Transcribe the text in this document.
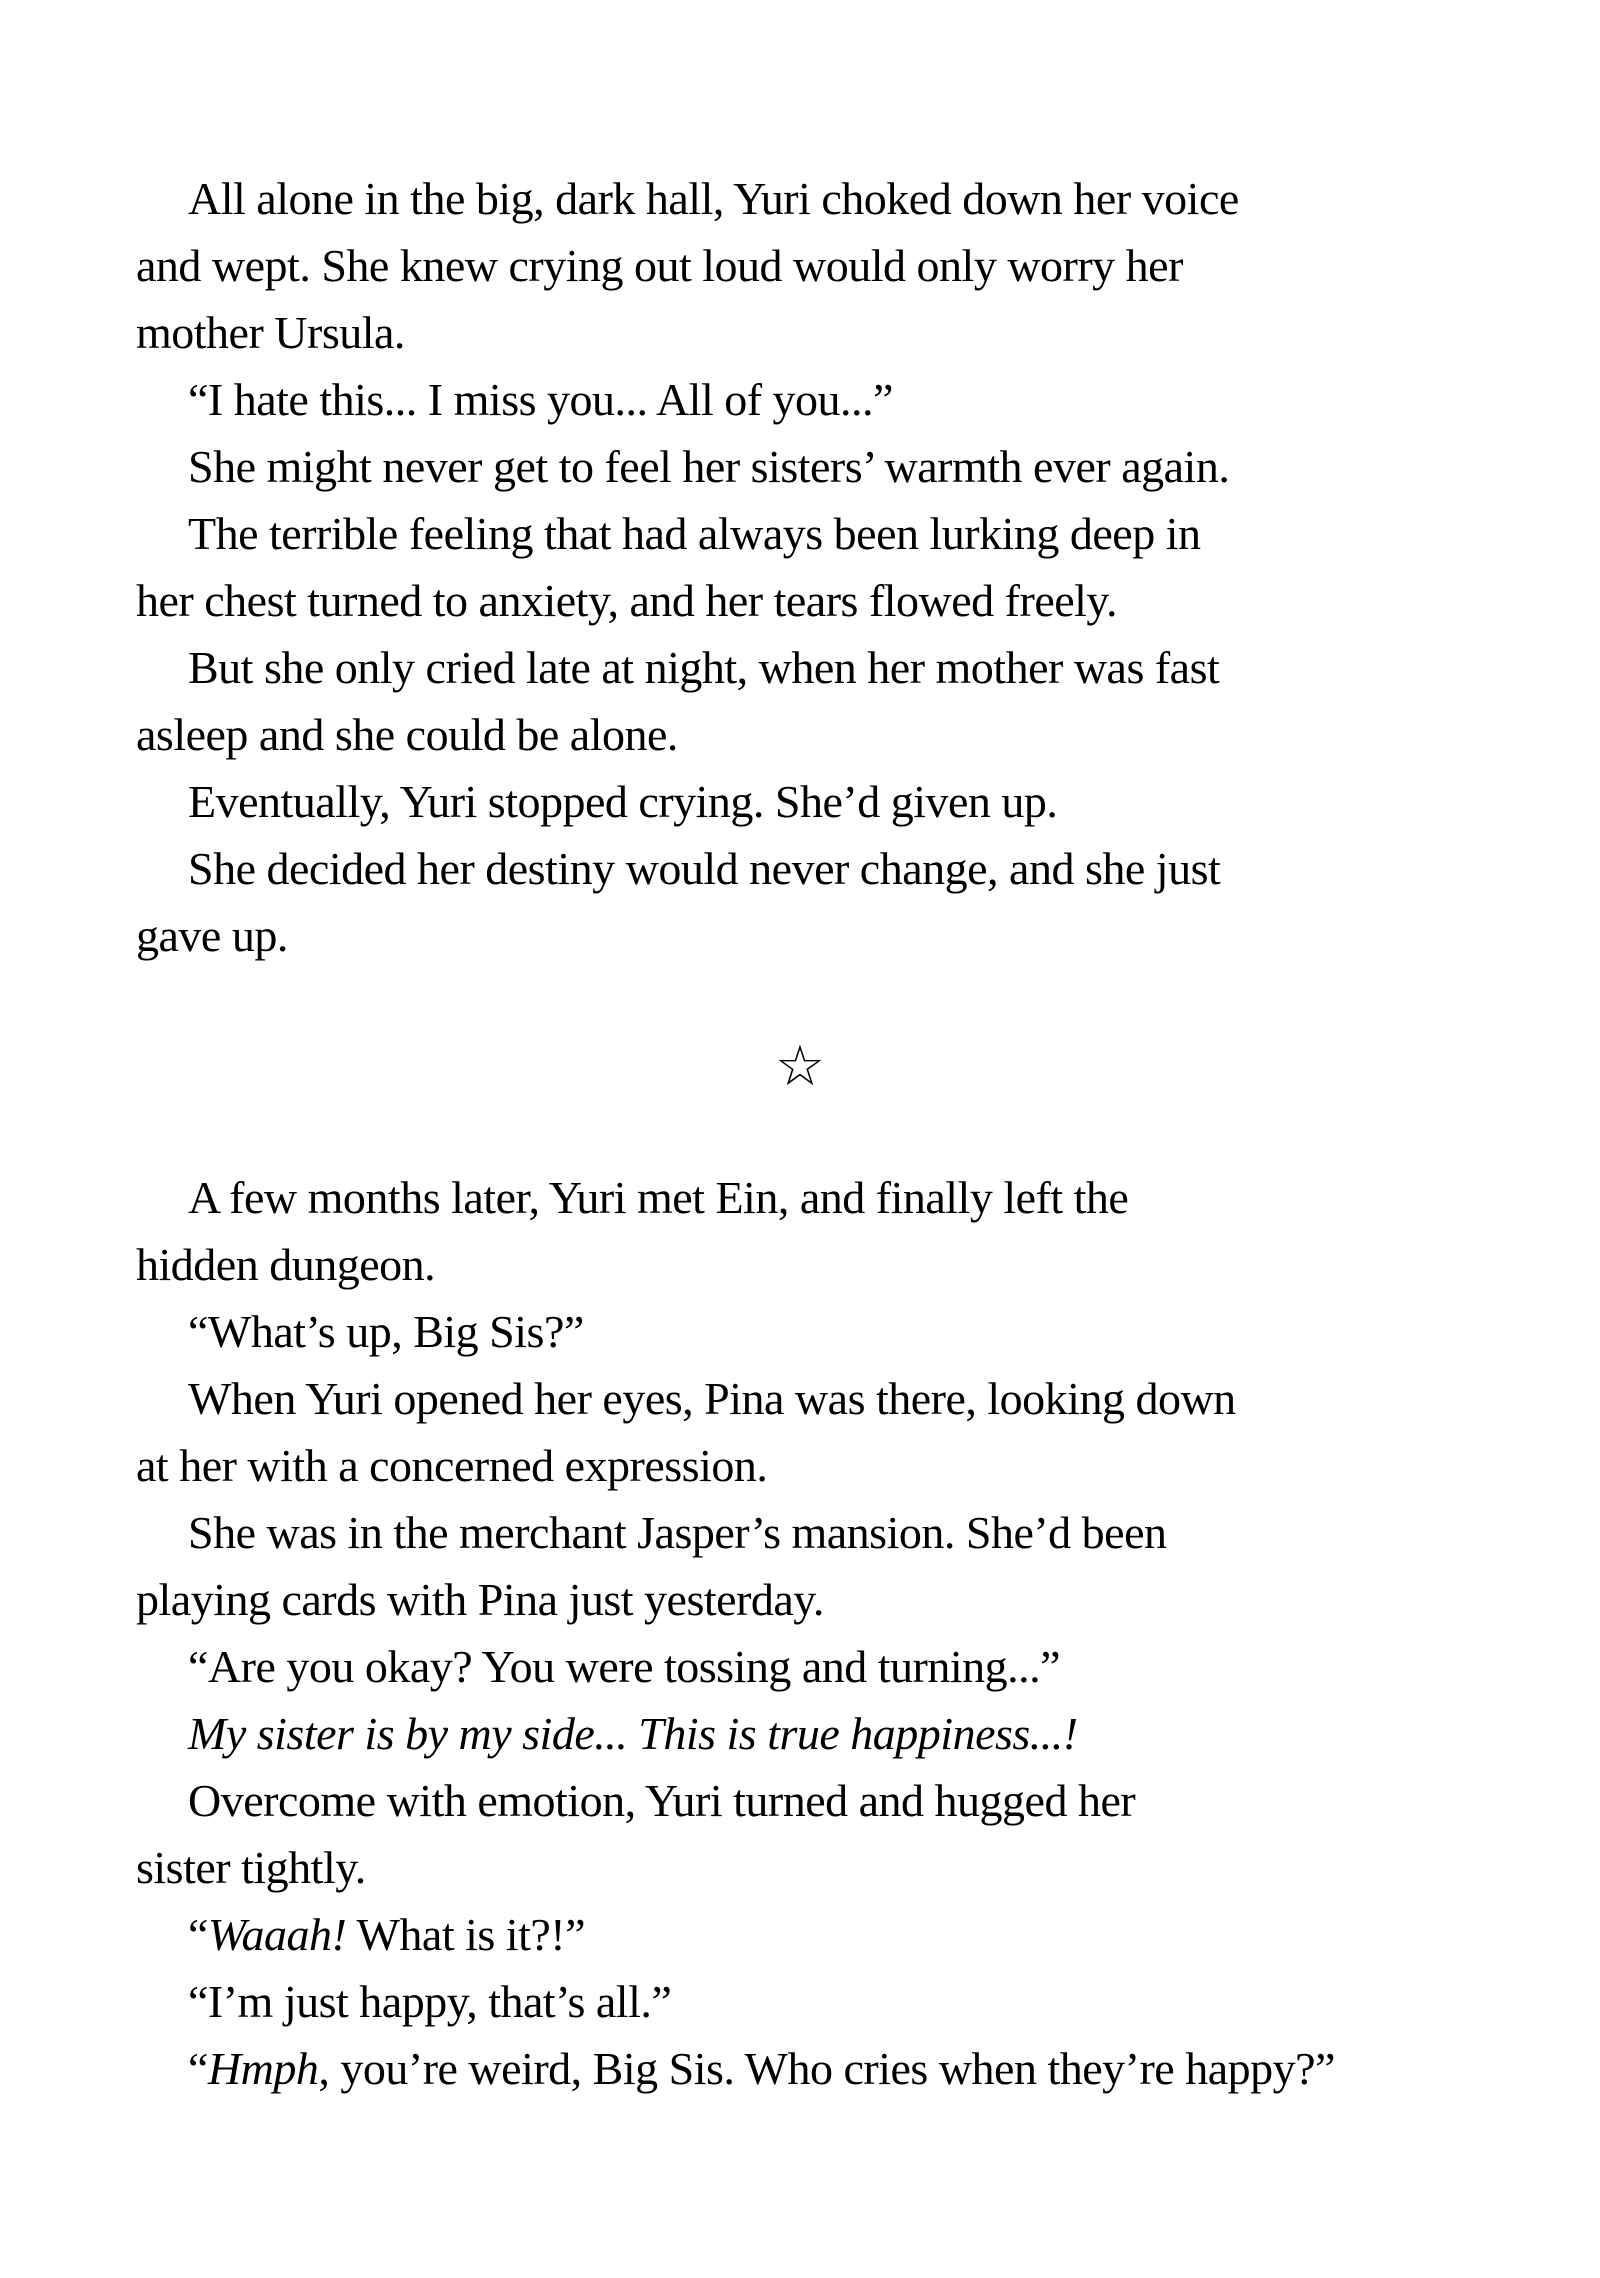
All alone in the big, dark hall, Yuri choked down her voice
and wept. She knew crying out loud would only worry her
mother Ursula.
“I hate this... I miss you... All of you...”
She might never get to feel her sisters’ warmth ever again.
The terrible feeling that had always been lurking deep in
her chest turned to anxiety, and her tears flowed freely.
But she only cried late at night, when her mother was fast
asleep and she could be alone.
Eventually, Yuri stopped crying. She’d given up.
She decided her destiny would never change, and she just
gave up.
☆
A few months later, Yuri met Ein, and finally left the
hidden dungeon.
“What’s up, Big Sis?”
When Yuri opened her eyes, Pina was there, looking down
at her with a concerned expression.
She was in the merchant Jasper’s mansion. She’d been
playing cards with Pina just yesterday.
“Are you okay? You were tossing and turning...”
My sister is by my side... This is true happiness...!
Overcome with emotion, Yuri turned and hugged her
sister tightly.
“Waaah! What is it?!”
“I’m just happy, that’s all.”
“Hmph, you’re weird, Big Sis. Who cries when they’re happy?”
